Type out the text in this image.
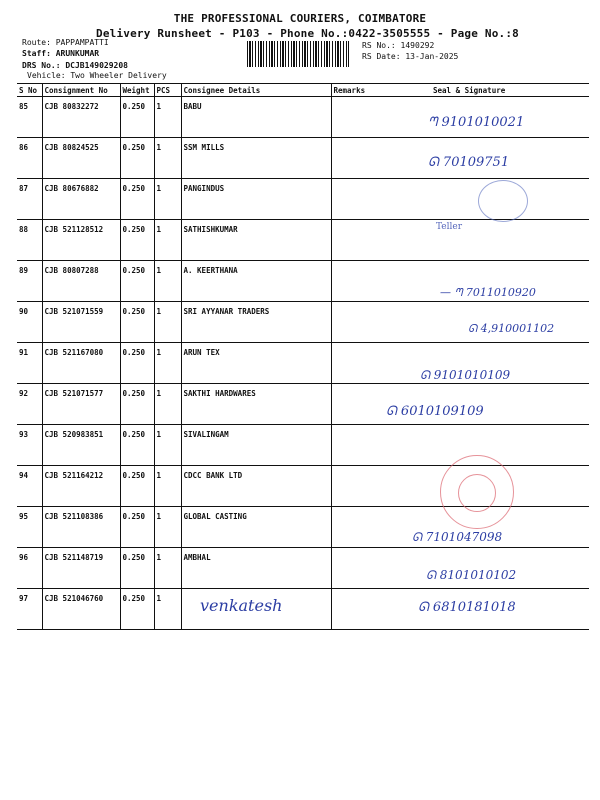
THE PROFESSIONAL COURIERS, COIMBATORE
Delivery Runsheet - P103 - Phone No.:0422-3505555 - Page No.:8
Route: PAPPAMPATTI
Staff: ARUNKUMAR
DRS No.: DCJB149029208
Vehicle: Two Wheeler Delivery
RS No.: 1490292
RS Date: 13-Jan-2025
S No	Consignment No	Weight	PCS	Consignee Details	Remarks	Seal & Signature
85	CJB 80832272	0.250	1	BABU		
86	CJB 80824525	0.250	1	SSM MILLS		
87	CJB 80676882	0.250	1	PANGINDUS		
88	CJB 521128512	0.250	1	SATHISHKUMAR		
89	CJB 80807288	0.250	1	A. KEERTHANA		
90	CJB 521071559	0.250	1	SRI AYYANAR TRADERS		
91	CJB 521167080	0.250	1	ARUN TEX		
92	CJB 521071577	0.250	1	SAKTHI HARDWARES		
93	CJB 520983851	0.250	1	SIVALINGAM		
94	CJB 521164212	0.250	1	CDCC BANK LTD		
95	CJB 521108386	0.250	1	GLOBAL CASTING		
96	CJB 521148719	0.250	1	AMBHAL		
97	CJB 521046760	0.250	1			
ᘉ 9101010021
ᘏ 70109751
Teller
— ᘉ 7011010920
ᘏ 4,910001102
ᘏ 9101010109
ᘏ 6010109109
ᘏ 7101047098
ᘏ 8101010102
venkatesh	ᘏ 6810181018
